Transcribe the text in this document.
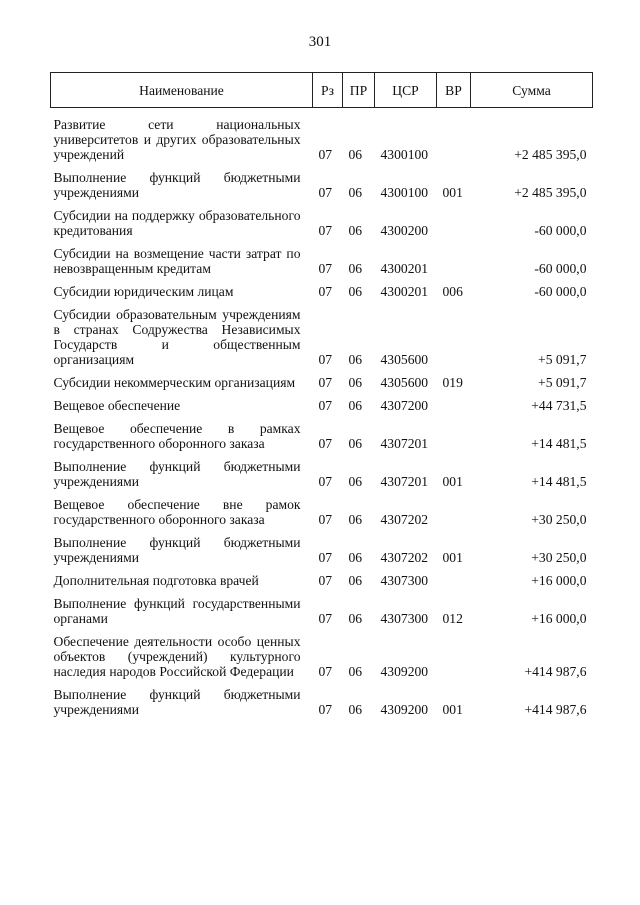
301
Наименование	Рз	ПР	ЦСР	ВР	Сумма
Развитие сети национальных университетов и других образовательных учреждений	07	06	4300100		+2 485 395,0
Выполнение функций бюджетными учреждениями	07	06	4300100	001	+2 485 395,0
Субсидии на поддержку образовательного кредитования	07	06	4300200		-60 000,0
Субсидии на возмещение части затрат по невозвращенным кредитам	07	06	4300201		-60 000,0
Субсидии юридическим лицам	07	06	4300201	006	-60 000,0
Субсидии образовательным учреждениям в странах Содружества Независимых Государств и общественным организациям	07	06	4305600		+5 091,7
Субсидии некоммерческим организациям	07	06	4305600	019	+5 091,7
Вещевое обеспечение	07	06	4307200		+44 731,5
Вещевое обеспечение в рамках государственного оборонного заказа	07	06	4307201		+14 481,5
Выполнение функций бюджетными учреждениями	07	06	4307201	001	+14 481,5
Вещевое обеспечение вне рамок государственного оборонного заказа	07	06	4307202		+30 250,0
Выполнение функций бюджетными учреждениями	07	06	4307202	001	+30 250,0
Дополнительная подготовка врачей	07	06	4307300		+16 000,0
Выполнение функций государственными органами	07	06	4307300	012	+16 000,0
Обеспечение деятельности особо ценных объектов (учреждений) культурного наследия народов Российской Федерации	07	06	4309200		+414 987,6
Выполнение функций бюджетными учреждениями	07	06	4309200	001	+414 987,6
